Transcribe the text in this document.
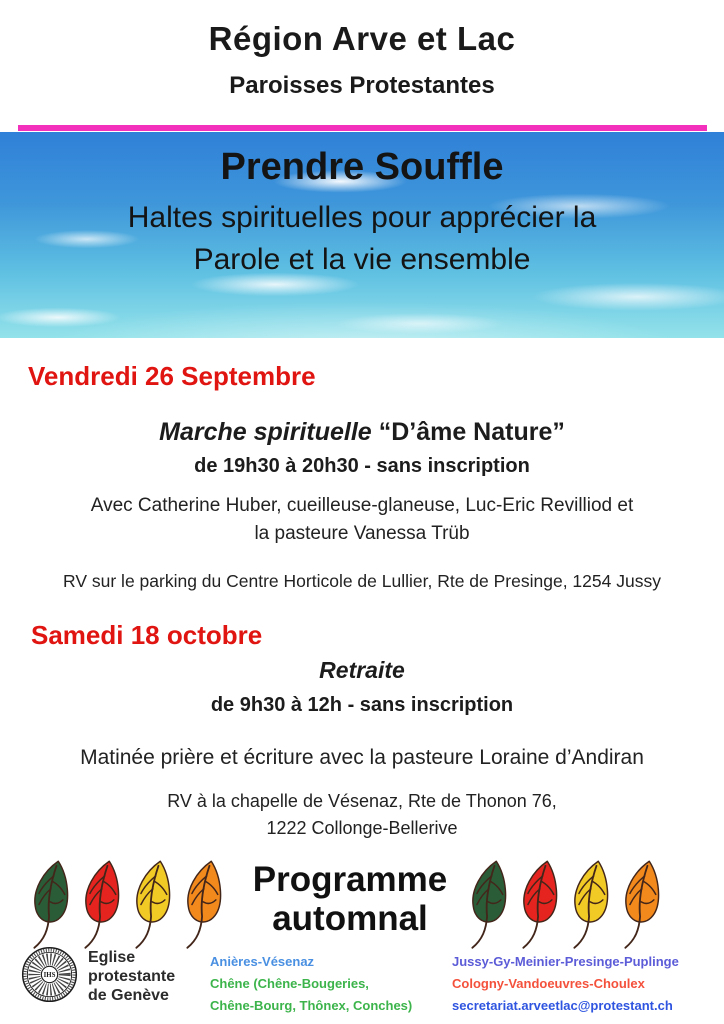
Région Arve et Lac
Paroisses Protestantes
Prendre Souffle
Haltes spirituelles pour apprécier la
Parole et la vie ensemble
Vendredi 26 Septembre
Marche spirituelle “D’âme Nature”
de 19h30 à 20h30 - sans inscription
Avec Catherine Huber, cueilleuse-glaneuse, Luc-Eric Revilliod et
la pasteure Vanessa Trüb
RV sur le parking du Centre Horticole de Lullier, Rte de Presinge, 1254 Jussy
Samedi 18 octobre
Retraite
de 9h30 à 12h - sans inscription
Matinée prière et écriture avec la pasteure Loraine d’Andiran
RV à la chapelle de Vésenaz, Rte de Thonon 76,
1222 Collonge-Bellerive
Programme
automnal
IHS
Eglise
protestante
de Genève
Anières-Vésenaz
Chêne (Chêne-Bougeries,
Chêne-Bourg, Thônex, Conches)
Jussy-Gy-Meinier-Presinge-Puplinge
Cologny-Vandoeuvres-Choulex
secretariat.arveetlac@protestant.ch
